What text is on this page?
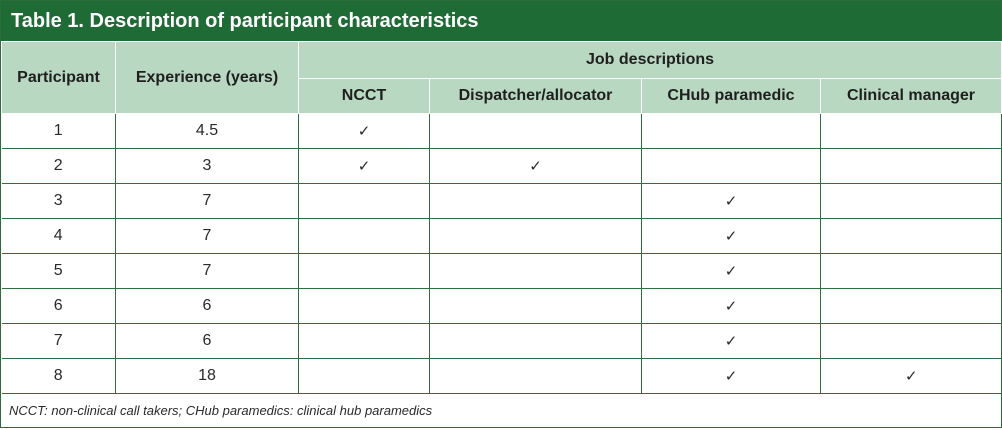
Table 1. Description of participant characteristics
Participant	Experience (years)	Job descriptions			
		NCCT	Dispatcher/allocator	CHub paramedic	Clinical manager
1	4.5	✓			
2	3	✓	✓		
3	7			✓	
4	7			✓	
5	7			✓	
6	6			✓	
7	6			✓	
8	18			✓	✓
NCCT: non-clinical call takers; CHub paramedics: clinical hub paramedics
